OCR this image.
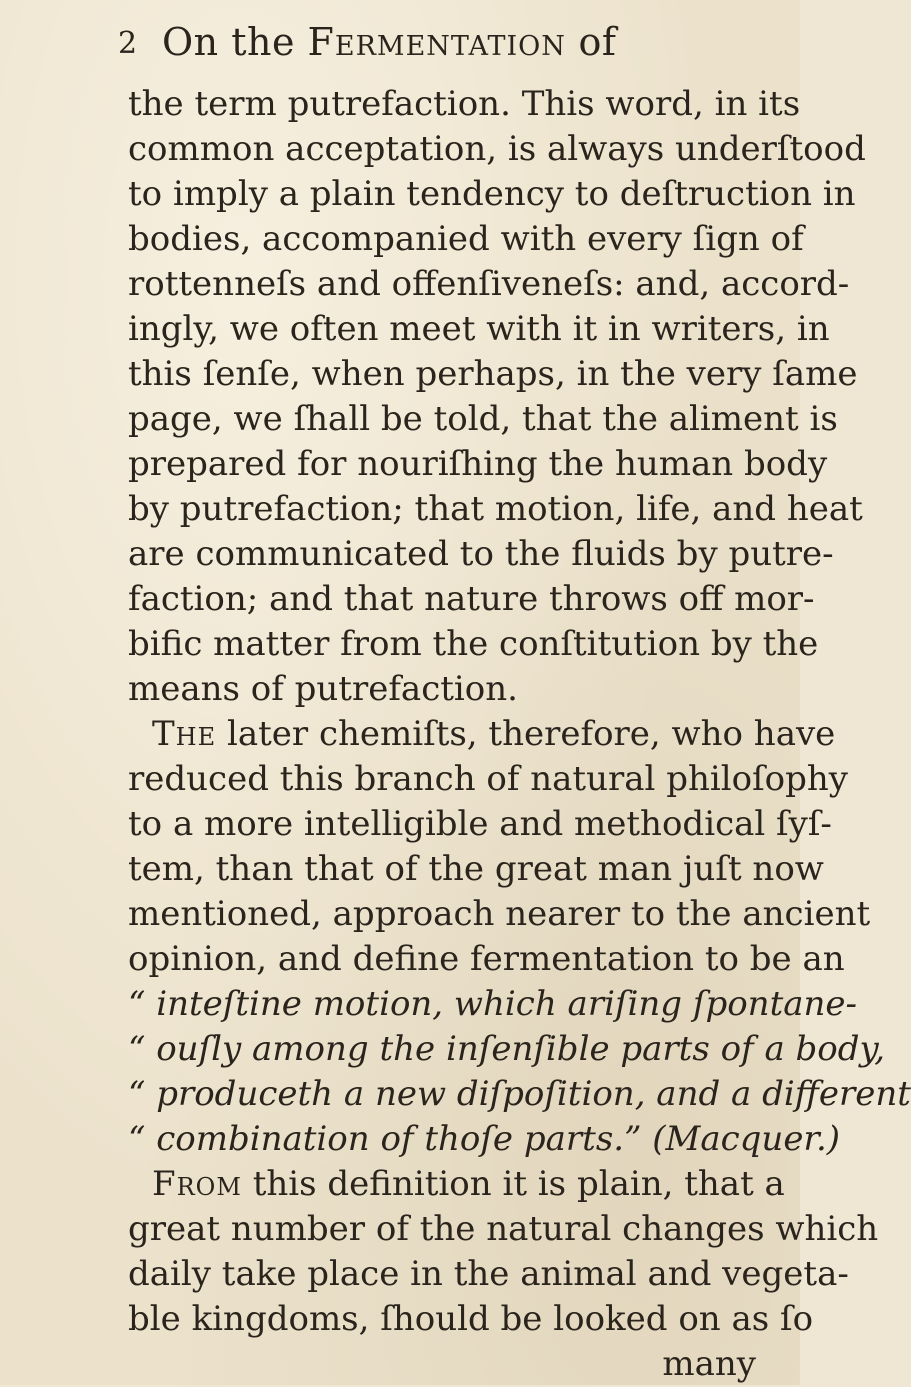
2 On the Fermentation of
the term putrefaction. This word, in its
common acceptation, is always underſtood
to imply a plain tendency to deſtruction in
bodies, accompanied with every ſign of
rottenneſs and offenſiveneſs: and, accord-
ingly, we often meet with it in writers, in
this ſenſe, when perhaps, in the very ſame
page, we ſhall be told, that the aliment is
prepared for nouriſhing the human body
by putrefaction; that motion, life, and heat
are communicated to the fluids by putre-
faction; and that nature throws off mor-
bific matter from the conſtitution by the
means of putrefaction.
The later chemiſts, therefore, who have
reduced this branch of natural philoſophy
to a more intelligible and methodical ſyſ-
tem, than that of the great man juſt now
mentioned, approach nearer to the ancient
opinion, and define fermentation to be an
“ inteſtine motion, which ariſing ſpontane-
“ ouſly among the inſenſible parts of a body,
“ produceth a new diſpoſition, and a different
“ combination of thoſe parts.” (Macquer.)
From this definition it is plain, that a
great number of the natural changes which
daily take place in the animal and vegeta-
ble kingdoms, ſhould be looked on as ſo
many
